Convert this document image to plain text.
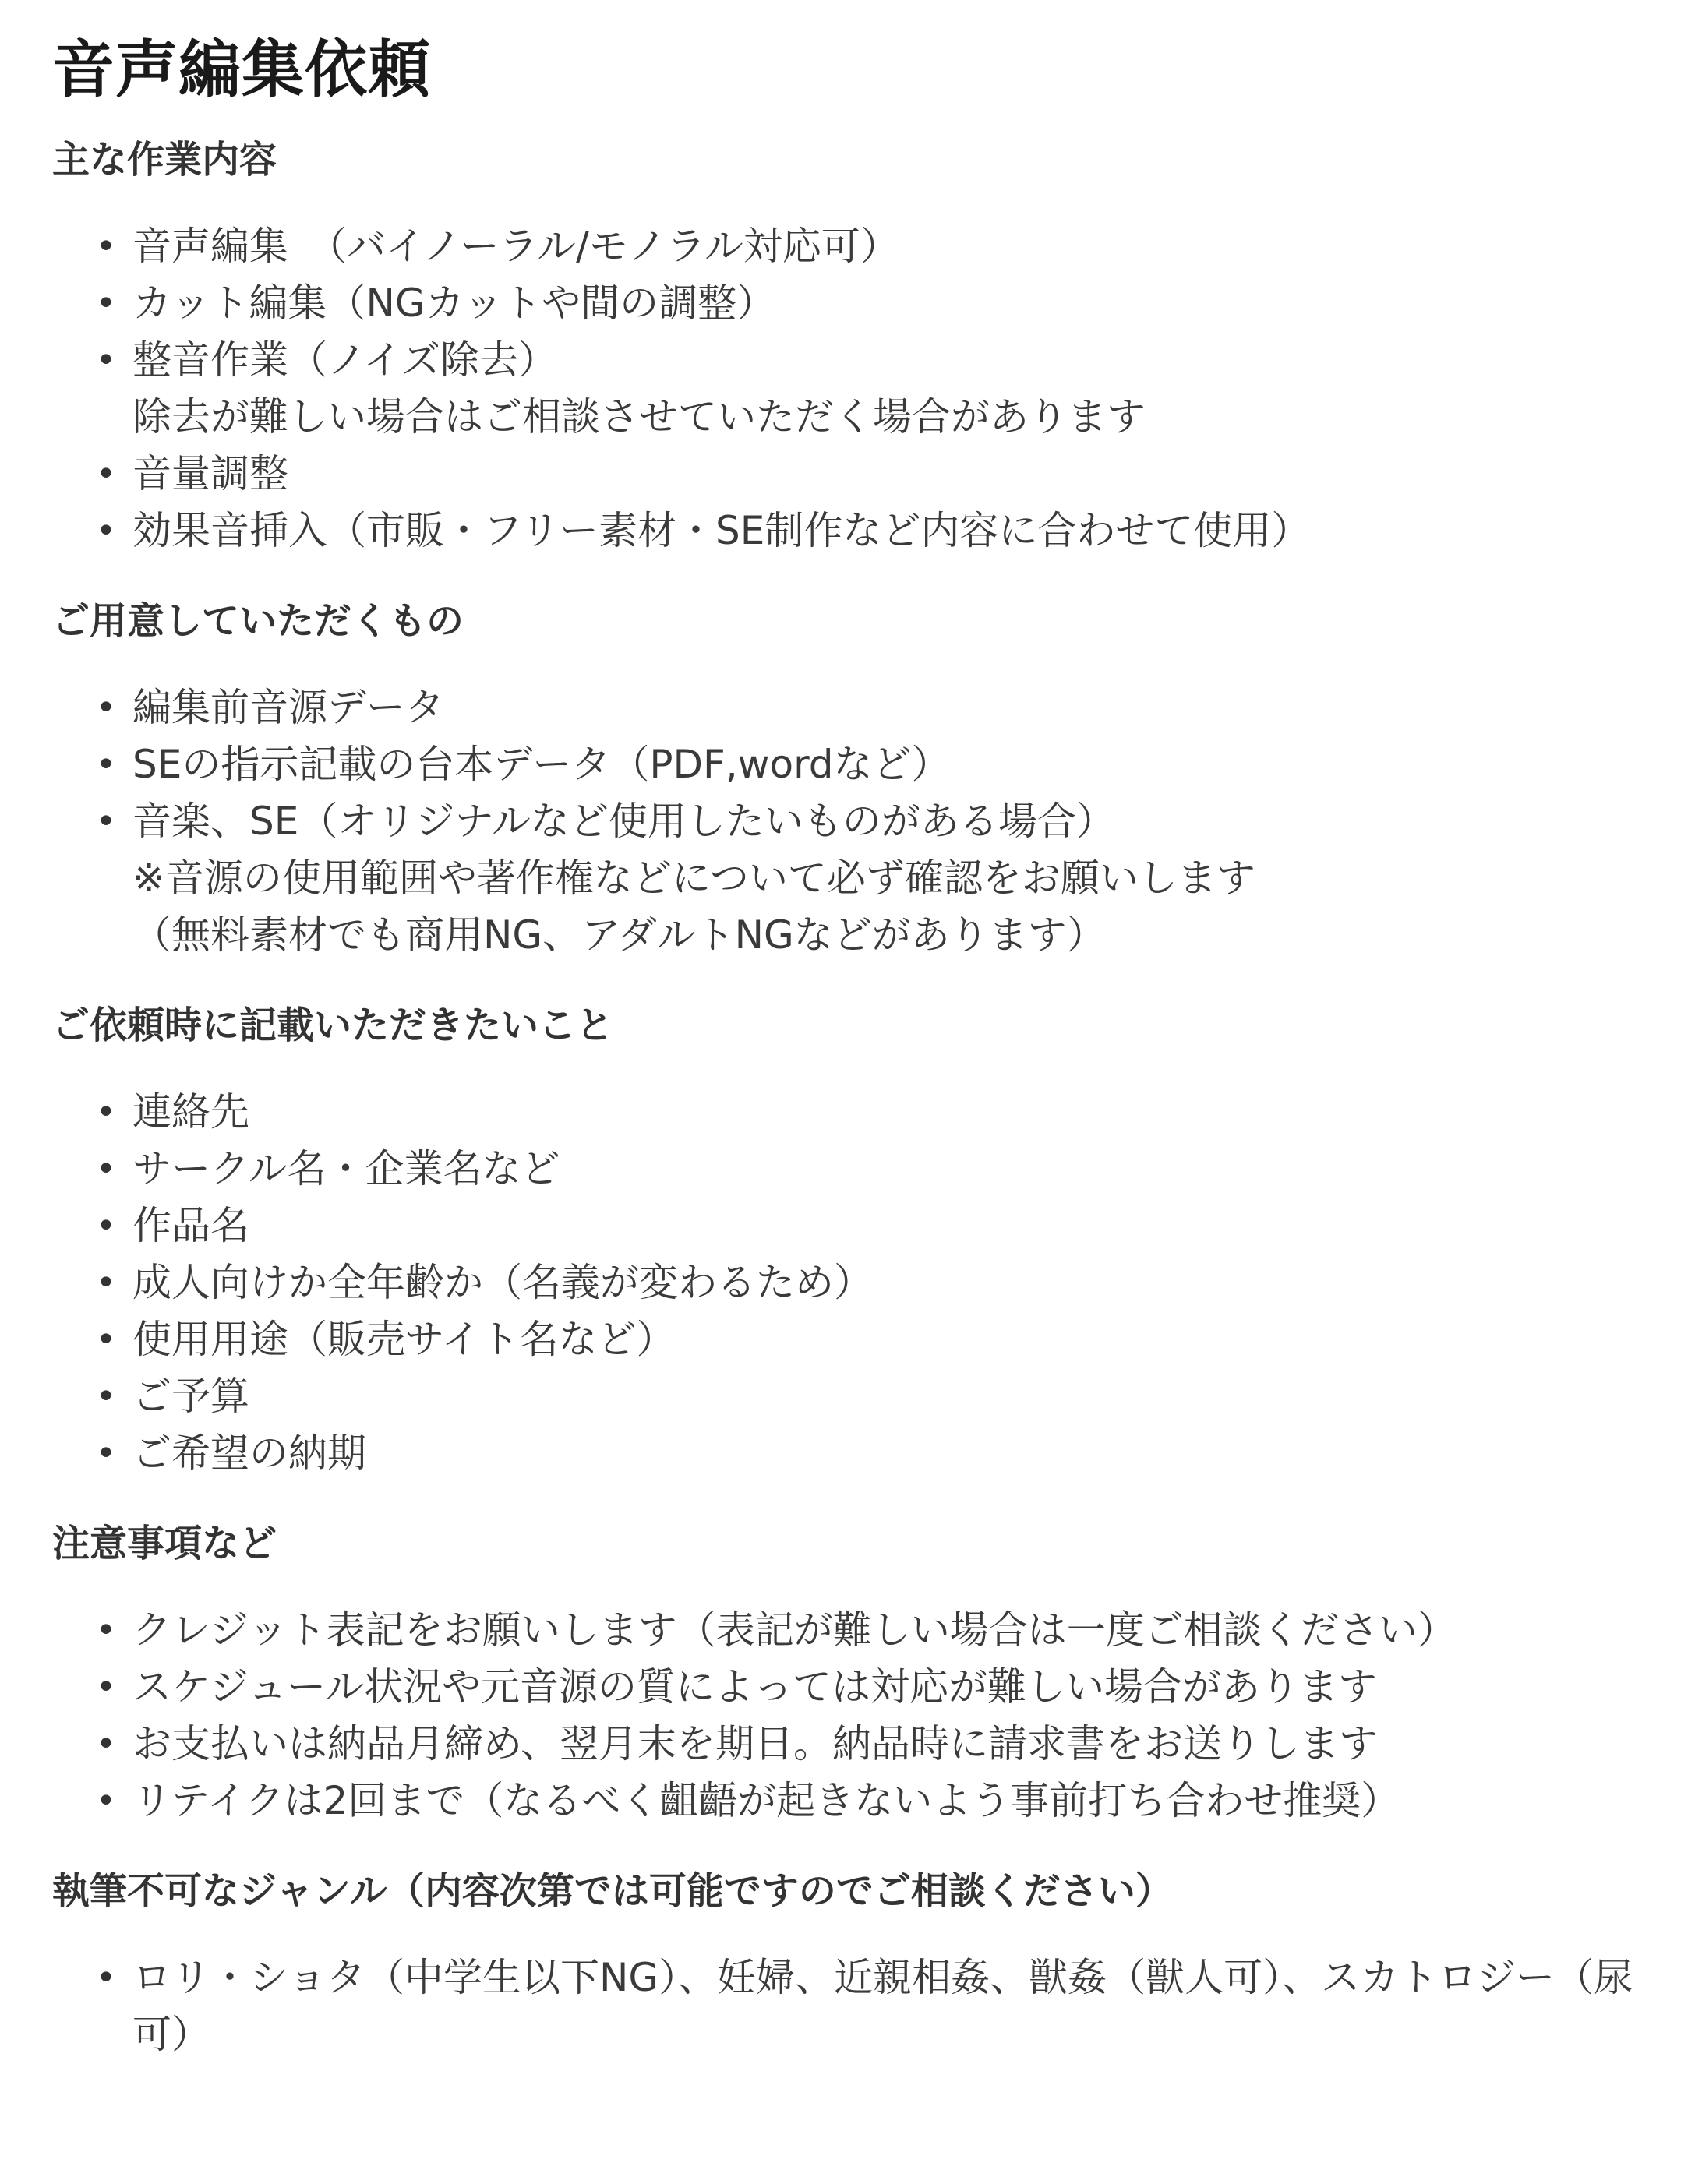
音声編集依頼
主な作業内容
• 音声編集　（バイノーラル/モノラル対応可）
• カット編集（NGカットや間の調整）
• 整音作業（ノイズ除去）
除去が難しい場合はご相談させていただく場合があります
• 音量調整
• 効果音挿入（市販・フリー素材・SE制作など内容に合わせて使用）
ご用意していただくもの
• 編集前音源データ
• SEの指示記載の台本データ（PDF,wordなど）
• 音楽、SE（オリジナルなど使用したいものがある場合）
※音源の使用範囲や著作権などについて必ず確認をお願いします
（無料素材でも商用NG、アダルトNGなどがあります）
ご依頼時に記載いただきたいこと
• 連絡先
• サークル名・企業名など
• 作品名
• 成人向けか全年齢か（名義が変わるため）
• 使用用途（販売サイト名など）
• ご予算
• ご希望の納期
注意事項など
• クレジット表記をお願いします（表記が難しい場合は一度ご相談ください）
• スケジュール状況や元音源の質によっては対応が難しい場合があります
• お支払いは納品月締め、翌月末を期日。納品時に請求書をお送りします
• リテイクは2回まで（なるべく齟齬が起きないよう事前打ち合わせ推奨）
執筆不可なジャンル（内容次第では可能ですのでご相談ください）
• ロリ・ショタ（中学生以下NG）、妊婦、近親相姦、獣姦（獣人可）、スカトロジー（尿
可）
